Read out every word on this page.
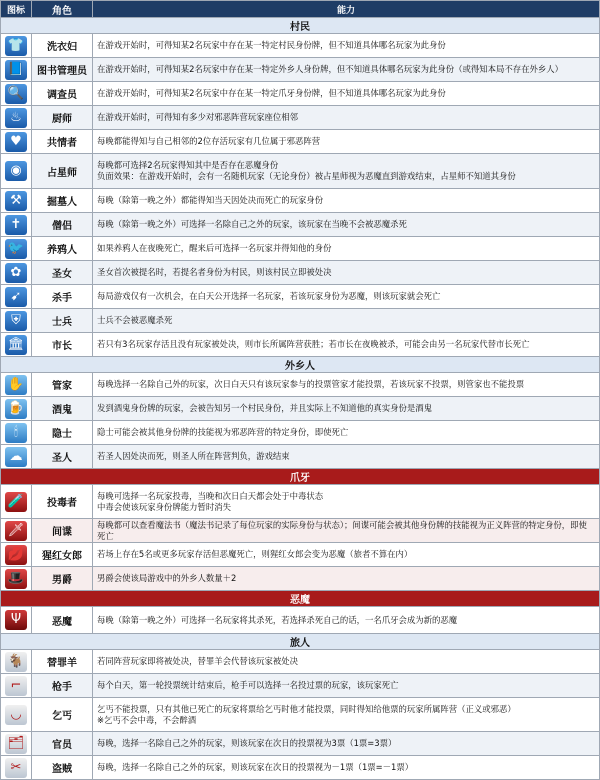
图标	角色	能力
村民		
👕	洗衣妇	在游戏开始时，可得知某2名玩家中存在某一特定村民身份牌，但不知道具体哪名玩家为此身份

📘	图书管理员	在游戏开始时，可得知某2名玩家中存在某一特定外乡人身份牌，但不知道具体哪名玩家为此身份（或得知本局不存在外乡人）

🔍	调查员	在游戏开始时，可得知某2名玩家中存在某一特定爪牙身份牌，但不知道具体哪名玩家为此身份

♨	厨师	在游戏开始时，可得知有多少对邪恶阵营玩家座位相邻

♥	共情者	每晚都能得知与自己相邻的2位存活玩家有几位属于邪恶阵营

◉	占星师	每晚都可选择2名玩家得知其中是否存在恶魔身份
负面效果：在游戏开始时，会有一名随机玩家（无论身份）被占星师视为恶魔直到游戏结束，占星师不知道其身份

⚒	掘墓人	每晚（除第一晚之外）都能得知当天因处决而死亡的玩家身份

✝	僧侣	每晚（除第一晚之外）可选择一名除自己之外的玩家，该玩家在当晚不会被恶魔杀死

🐦	养鸦人	如果养鸦人在夜晚死亡，醒来后可选择一名玩家并得知他的身份

✿	圣女	圣女首次被提名时，若提名者身份为村民，则该村民立即被处决

➹	杀手	每局游戏仅有一次机会，在白天公开选择一名玩家，若该玩家身份为恶魔，则该玩家就会死亡

⛨	士兵	士兵不会被恶魔杀死

🏛	市长	若只有3名玩家存活且没有玩家被处决，则市长所属阵营获胜；若市长在夜晚被杀，可能会由另一名玩家代替市长死亡

外乡人		
✋	管家	每晚选择一名除自己外的玩家，次日白天只有该玩家参与的投票管家才能投票，若该玩家不投票，则管家也不能投票

🍺	酒鬼	发到酒鬼身份牌的玩家，会被告知另一个村民身份，并且实际上不知道他的真实身份是酒鬼

🕯	隐士	隐士可能会被其他身份牌的技能视为邪恶阵营的特定身份，即使死亡

☁	圣人	若圣人因处决而死，则圣人所在阵营判负，游戏结束

爪牙		
🧪	投毒者	每晚可选择一名玩家投毒，当晚和次日白天都会处于中毒状态
中毒会使该玩家身份牌能力暂时消失

🗡	间谍	每晚都可以查看魔法书（魔法书记录了每位玩家的实际身份与状态）；间谍可能会被其他身份牌的技能视为正义阵营的特定身份，即使死亡

💋	猩红女郎	若场上存在5名或更多玩家存活但恶魔死亡，则猩红女郎会变为恶魔（旅者不算在内）

🎩	男爵	男爵会使该局游戏中的外乡人数量＋2

恶魔		
Ψ	恶魔	每晚（除第一晚之外）可选择一名玩家将其杀死，若选择杀死自己的话，一名爪牙会成为新的恶魔

旅人		
🐐	替罪羊	若同阵营玩家即将被处决，替罪羊会代替该玩家被处决

⌐	枪手	每个白天，第一轮投票统计结束后，枪手可以选择一名投过票的玩家，该玩家死亡

◡	乞丐	乞丐不能投票，只有其他已死亡的玩家将票给乞丐时他才能投票，同时得知给他票的玩家所属阵营（正义或邪恶）
※乞丐不会中毒，不会醉酒

🗂	官员	每晚，选择一名除自己之外的玩家，则该玩家在次日的投票视为3票（1票=3票）

✂	盗贼	每晚，选择一名除自己之外的玩家，则该玩家在次日的投票视为－1票（1票=－1票）
